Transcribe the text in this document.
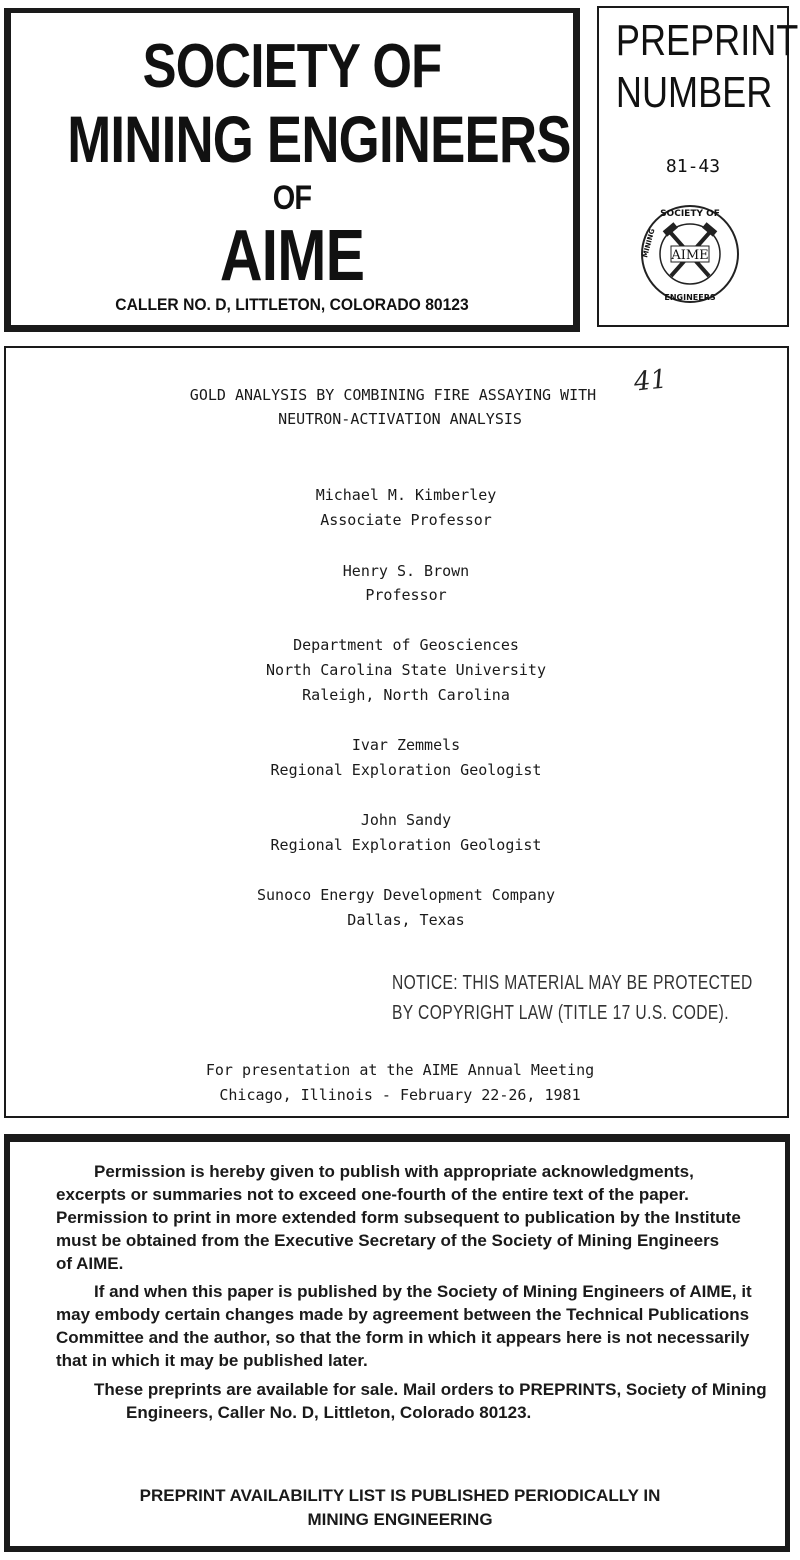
SOCIETY OF
MINING ENGINEERS
OF
AIME
CALLER NO. D, LITTLETON, COLORADO 80123
PREPRINT
NUMBER
81-43
AIME
SOCIETY OF
ENGINEERS
MINING
GOLD ANALYSIS BY COMBINING FIRE ASSAYING WITH
NEUTRON-ACTIVATION ANALYSIS
41
Michael M. Kimberley
Associate Professor
Henry S. Brown
Professor
Department of Geosciences
North Carolina State University
Raleigh, North Carolina
Ivar Zemmels
Regional Exploration Geologist
John Sandy
Regional Exploration Geologist
Sunoco Energy Development Company
Dallas, Texas
NOTICE: THIS MATERIAL MAY BE PROTECTED
BY COPYRIGHT LAW (TITLE 17 U.S. CODE).
For presentation at the AIME Annual Meeting
Chicago, Illinois - February 22-26, 1981
Permission is hereby given to publish with appropriate acknowledgments,
excerpts or summaries not to exceed one-fourth of the entire text of the paper.
Permission to print in more extended form subsequent to publication by the Institute
must be obtained from the Executive Secretary of the Society of Mining Engineers
of AIME.
If and when this paper is published by the Society of Mining Engineers of AIME, it
may embody certain changes made by agreement between the Technical Publications
Committee and the author, so that the form in which it appears here is not necessarily
that in which it may be published later.
These preprints are available for sale. Mail orders to PREPRINTS, Society of Mining
Engineers, Caller No. D, Littleton, Colorado 80123.
PREPRINT AVAILABILITY LIST IS PUBLISHED PERIODICALLY IN
MINING ENGINEERING
